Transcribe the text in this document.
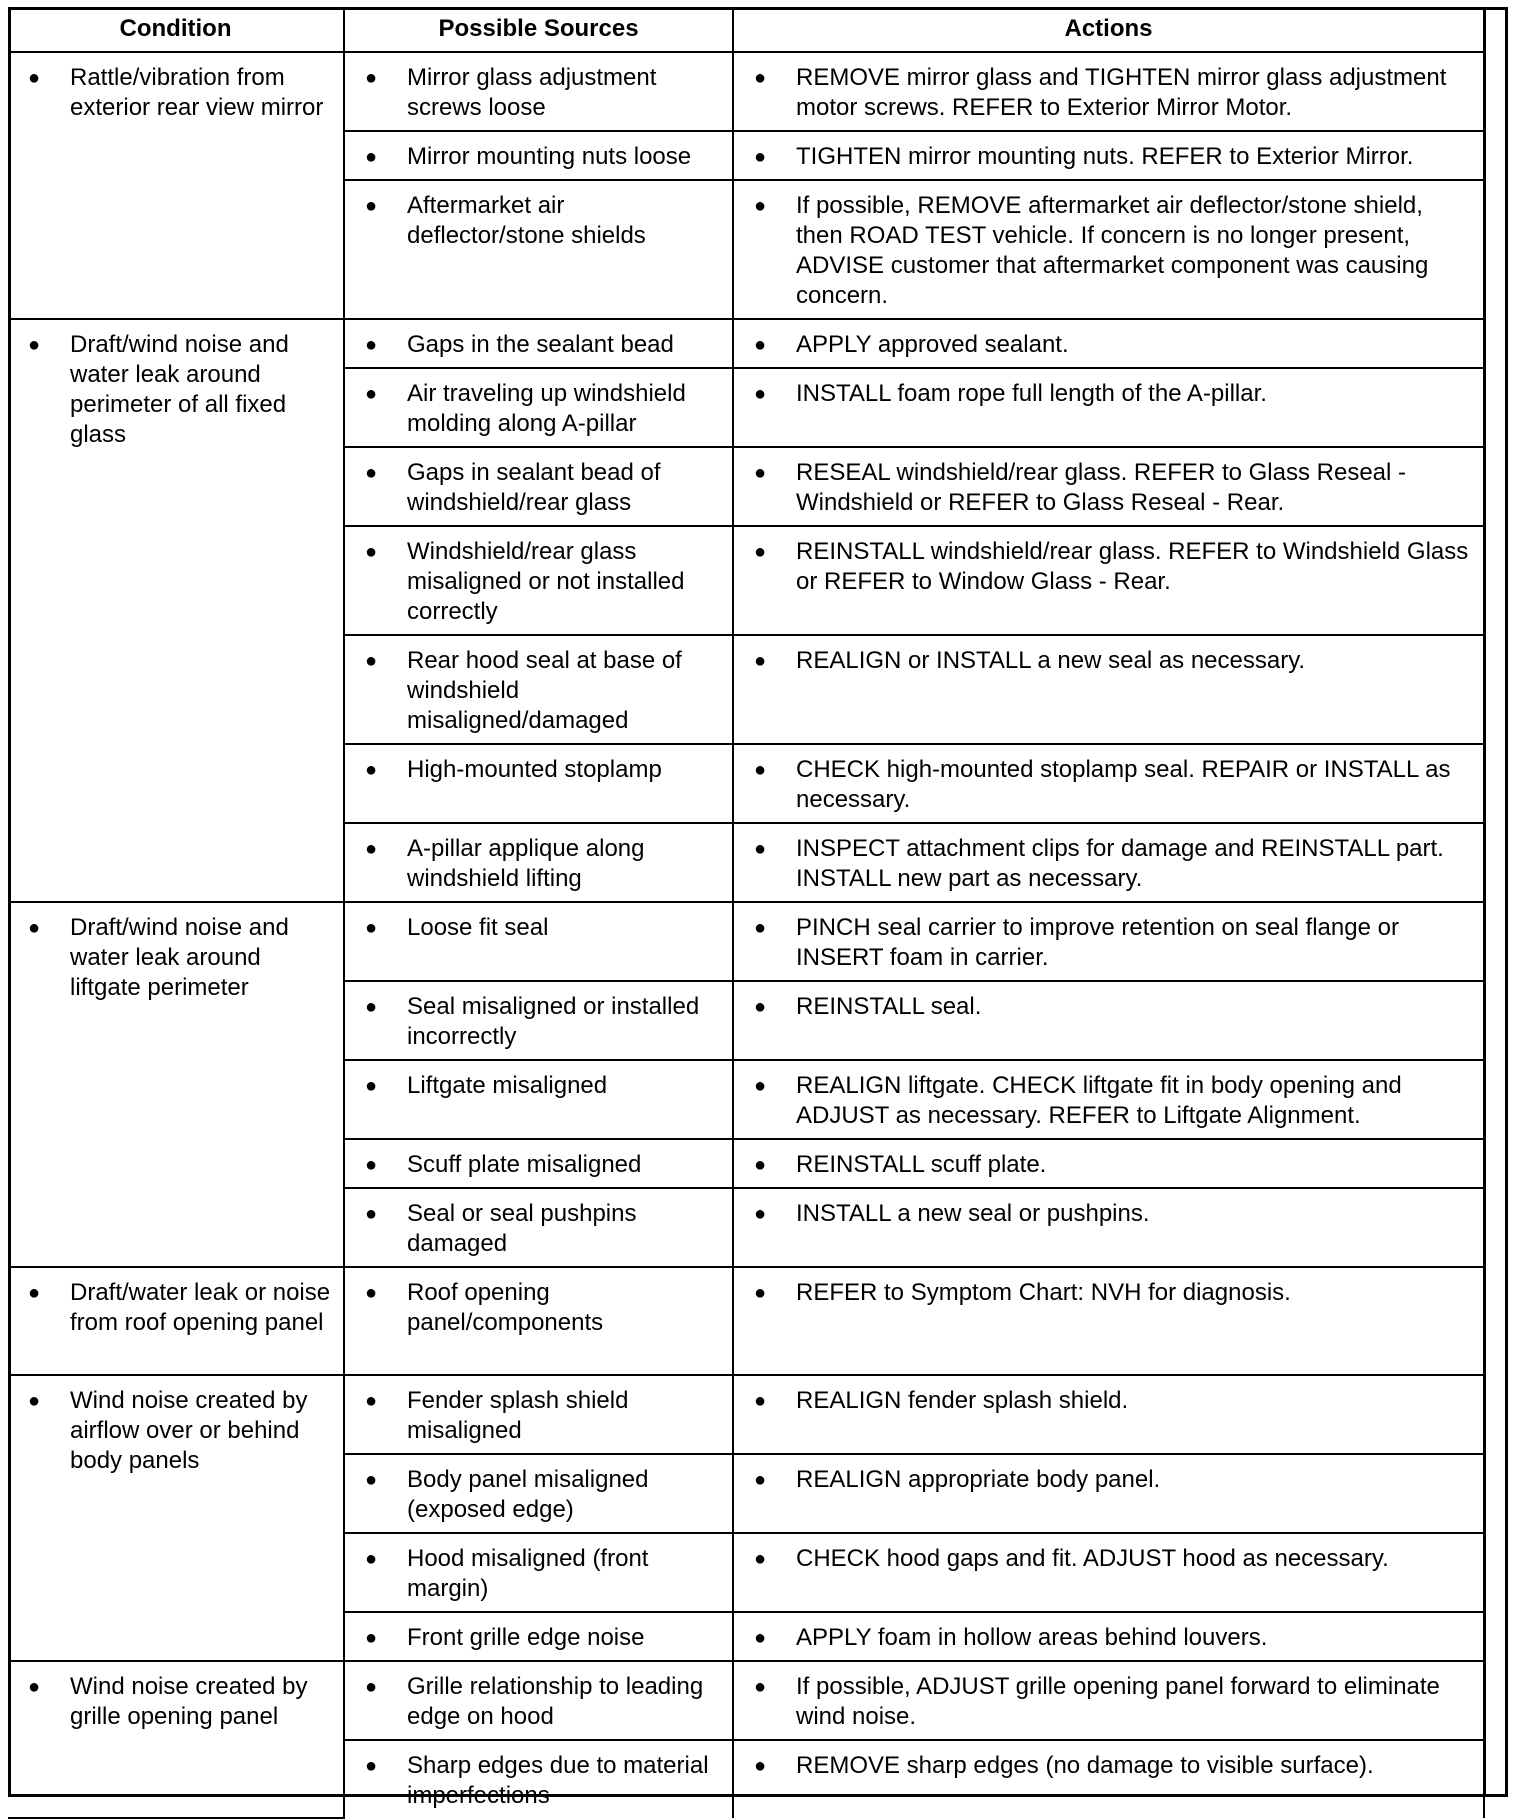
Condition	Possible Sources	Actions

● Rattle/vibration from exterior rear view mirror	● Mirror glass adjustment screws loose	● REMOVE mirror glass and TIGHTEN mirror glass adjustment motor screws. REFER to Exterior Mirror Motor.

	● Mirror mounting nuts loose	● TIGHTEN mirror mounting nuts. REFER to Exterior Mirror.

	● Aftermarket air deflector/stone shields	● If possible, REMOVE aftermarket air deflector/stone shield, then ROAD TEST vehicle. If concern is no longer present, ADVISE customer that aftermarket component was causing concern.

● Draft/wind noise and water leak around perimeter of all fixed glass	● Gaps in the sealant bead	● APPLY approved sealant.

	● Air traveling up windshield molding along A-pillar	● INSTALL foam rope full length of the A-pillar.

	● Gaps in sealant bead of windshield/rear glass	● RESEAL windshield/rear glass. REFER to Glass Reseal - Windshield or REFER to Glass Reseal - Rear.

	● Windshield/rear glass misaligned or not installed correctly	● REINSTALL windshield/rear glass. REFER to Windshield Glass or REFER to Window Glass - Rear.

	● Rear hood seal at base of windshield misaligned/damaged	● REALIGN or INSTALL a new seal as necessary.

	● High-mounted stoplamp	● CHECK high-mounted stoplamp seal. REPAIR or INSTALL as necessary.

	● A-pillar applique along windshield lifting	● INSPECT attachment clips for damage and REINSTALL part. INSTALL new part as necessary.

● Draft/wind noise and water leak around liftgate perimeter	● Loose fit seal	● PINCH seal carrier to improve retention on seal flange or INSERT foam in carrier.

	● Seal misaligned or installed incorrectly	● REINSTALL seal.

	● Liftgate misaligned	● REALIGN liftgate. CHECK liftgate fit in body opening and ADJUST as necessary. REFER to Liftgate Alignment.

	● Scuff plate misaligned	● REINSTALL scuff plate.

	● Seal or seal pushpins damaged	● INSTALL a new seal or pushpins.

● Draft/water leak or noise from roof opening panel	● Roof opening panel/components	● REFER to Symptom Chart: NVH for diagnosis.

● Wind noise created by airflow over or behind body panels	● Fender splash shield misaligned	● REALIGN fender splash shield.

	● Body panel misaligned (exposed edge)	● REALIGN appropriate body panel.

	● Hood misaligned (front margin)	● CHECK hood gaps and fit. ADJUST hood as necessary.

	● Front grille edge noise	● APPLY foam in hollow areas behind louvers.

● Wind noise created by grille opening panel	● Grille relationship to leading edge on hood	● If possible, ADJUST grille opening panel forward to eliminate wind noise.

	● Sharp edges due to material imperfections	● REMOVE sharp edges (no damage to visible surface).
